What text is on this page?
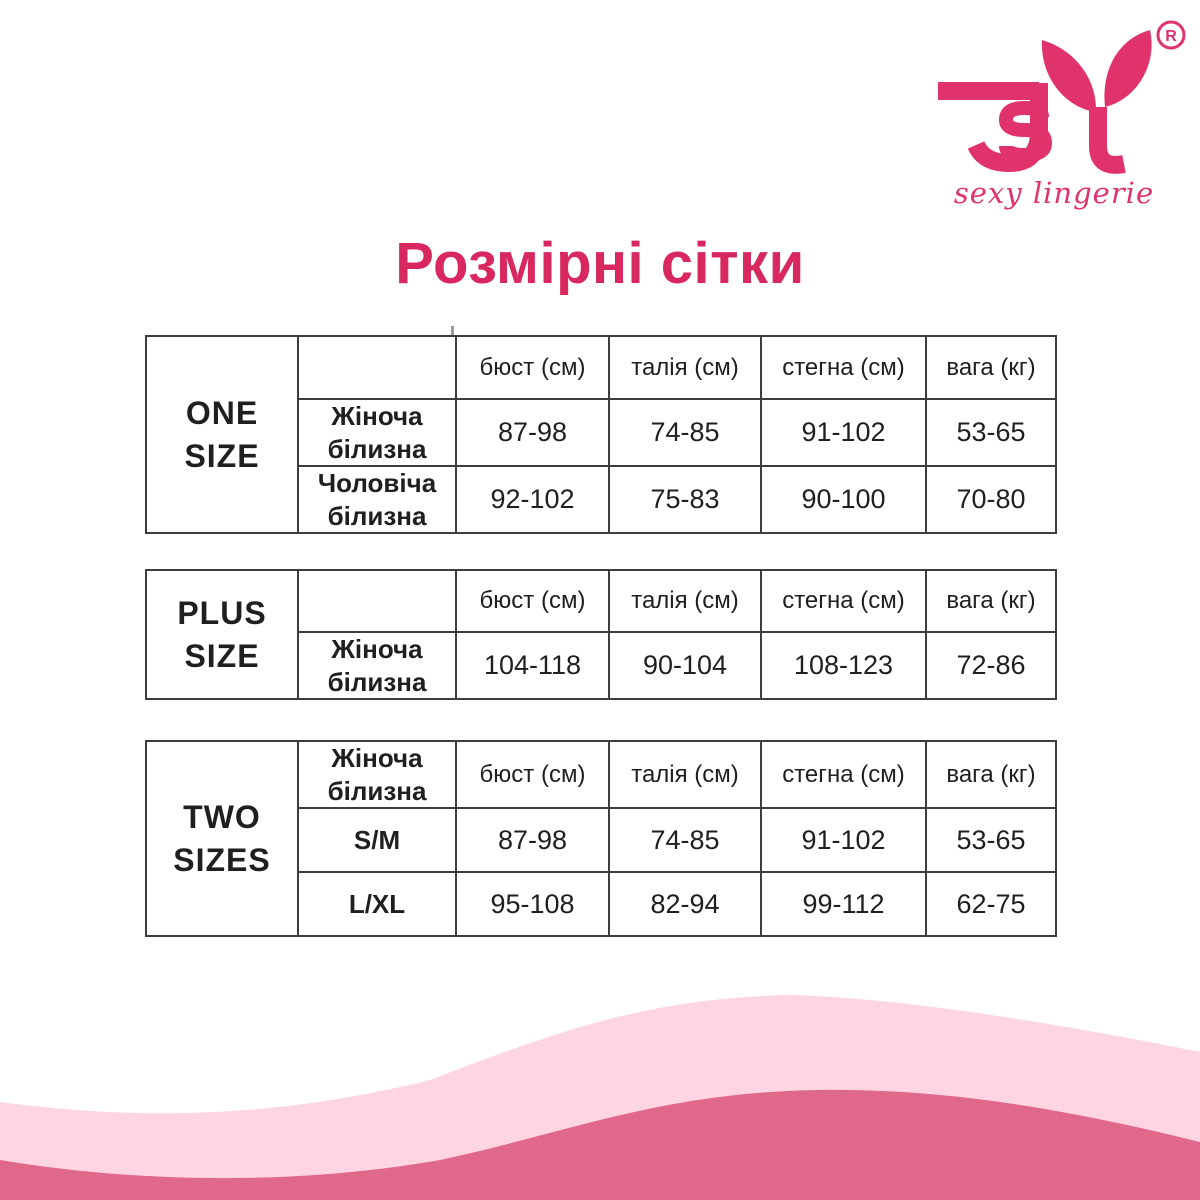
R
sexy lingerie
Розмірні сітки
ONE
SIZE		бюст (см)	талія (см)	стегна (см)	вага (кг)
	Жіноча білизна	87-98	74-85	91-102	53-65
	Чоловіча білизна	92-102	75-83	90-100	70-80
PLUS
SIZE		бюст (см)	талія (см)	стегна (см)	вага (кг)
	Жіноча білизна	104-118	90-104	108-123	72-86
TWO
SIZES	Жіноча білизна	бюст (см)	талія (см)	стегна (см)	вага (кг)
	S/M	87-98	74-85	91-102	53-65
	L/XL	95-108	82-94	99-112	62-75
